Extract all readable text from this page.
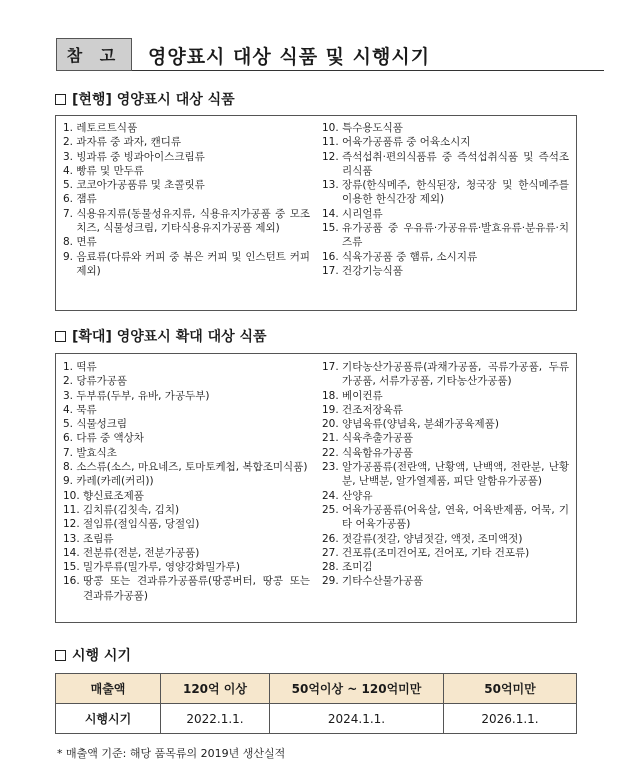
참 고	영양표시 대상 식품 및 시행시기
[현행] 영양표시 대상 식품
1. 레토르트식품
2. 과자류 중 과자, 캔디류
3. 빙과류 중 빙과아이스크림류
4. 빵류 및 만두류
5. 코코아가공품류 및 초콜릿류
6. 잼류
7. 식용유지류(동물성유지류, 식용유지가공품 중 모조치즈, 식물성크림, 기타식용유지가공품 제외)
8. 면류
9. 음료류(다류와 커피 중 볶은 커피 및 인스턴트 커피 제외)
10. 특수용도식품
11. 어육가공품류 중 어육소시지
12. 즉석섭취·편의식품류 중 즉석섭취식품 및 즉석조리식품
13. 장류(한식메주, 한식된장, 청국장 및 한식메주를 이용한 한식간장 제외)
14. 시리얼류
15. 유가공품 중 우유류·가공유류·발효유류·분유류·치즈류
16. 식육가공품 중 햄류, 소시지류
17. 건강기능식품
[확대] 영양표시 확대 대상 식품
1. 떡류
2. 당류가공품
3. 두부류(두부, 유바, 가공두부)
4. 묵류
5. 식물성크림
6. 다류 중 액상차
7. 발효식초
8. 소스류(소스, 마요네즈, 토마토케첩, 복합조미식품)
9. 카레(카레(커리))
10. 향신료조제품
11. 김치류(김칫속, 김치)
12. 절임류(절임식품, 당절임)
13. 조림류
14. 전분류(전분, 전분가공품)
15. 밀가루류(밀가루, 영양강화밀가루)
16. 땅콩 또는 견과류가공품류(땅콩버터, 땅콩 또는 견과류가공품)
17. 기타농산가공품류(과채가공품, 곡류가공품, 두류가공품, 서류가공품, 기타농산가공품)
18. 베이컨류
19. 건조저장육류
20. 양념육류(양념육, 분쇄가공육제품)
21. 식육추출가공품
22. 식육함유가공품
23. 알가공품류(전란액, 난황액, 난백액, 전란분, 난황분, 난백분, 알가열제품, 피단 알함유가공품)
24. 산양유
25. 어육가공품류(어육살, 연육, 어육반제품, 어묵, 기타 어육가공품)
26. 젓갈류(젓갈, 양념젓갈, 액젓, 조미액젓)
27. 건포류(조미건어포, 건어포, 기타 건포류)
28. 조미김
29. 기타수산물가공품
시행 시기
매출액	120억 이상	50억이상 ~ 120억미만	50억미만
시행시기	2022.1.1.	2024.1.1.	2026.1.1.
* 매출액 기준: 해당 품목류의 2019년 생산실적
